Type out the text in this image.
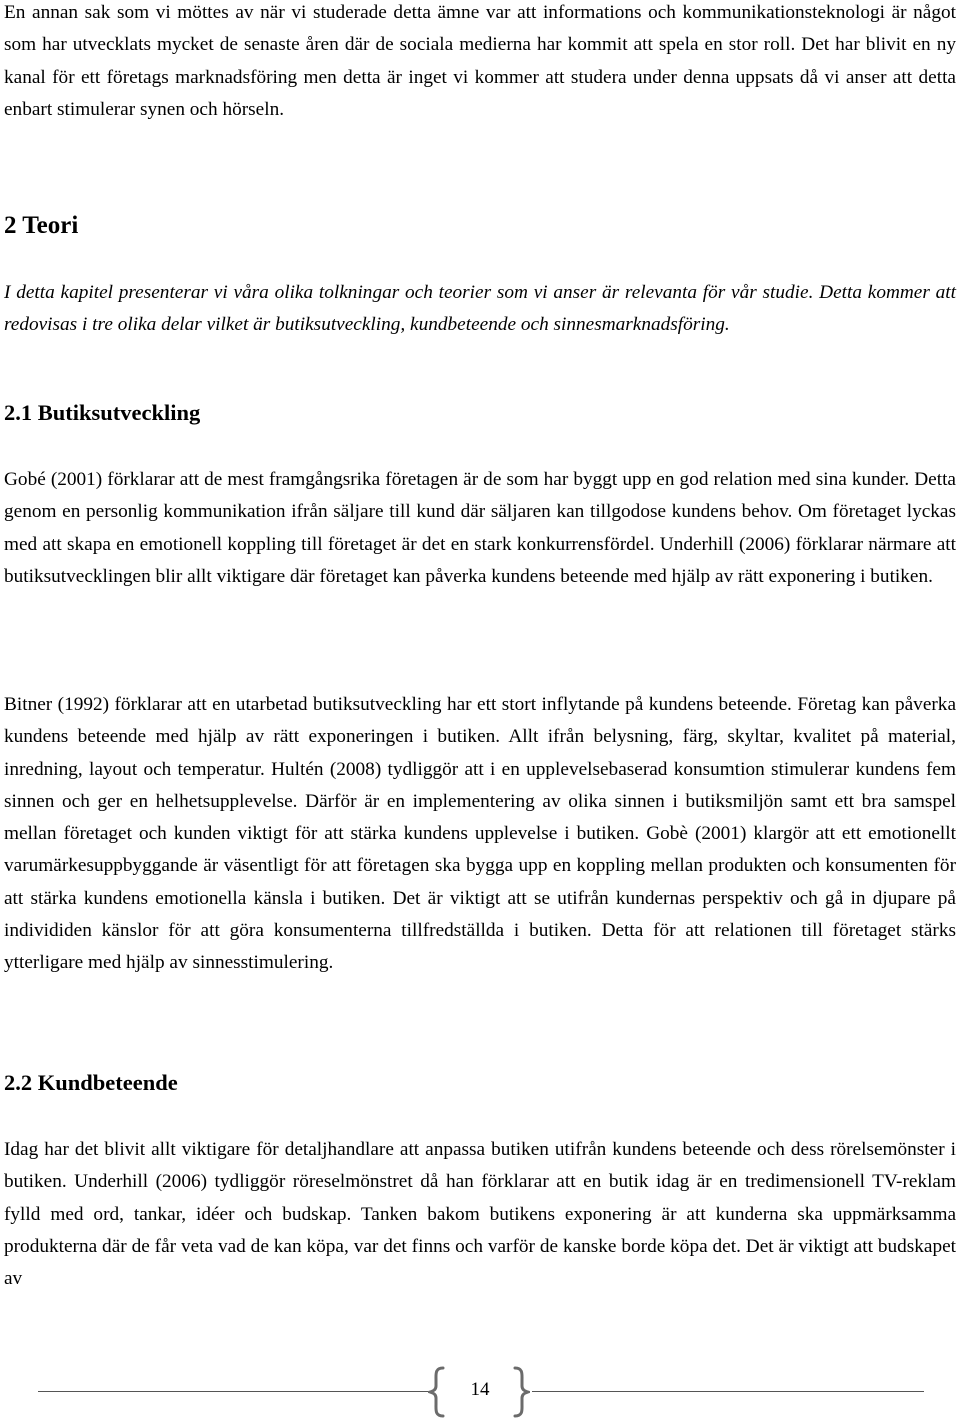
En annan sak som vi möttes av när vi studerade detta ämne var att informations och kommunikationsteknologi är något som har utvecklats mycket de senaste åren där de sociala medierna har kommit att spela en stor roll. Det har blivit en ny kanal för ett företags marknadsföring men detta är inget vi kommer att studera under denna uppsats då vi anser att detta enbart stimulerar synen och hörseln.

2 Teori

I detta kapitel presenterar vi våra olika tolkningar och teorier som vi anser är relevanta för vår studie. Detta kommer att redovisas i tre olika delar vilket är butiksutveckling, kundbeteende och sinnesmarknadsföring.

2.1 Butiksutveckling

Gobé (2001) förklarar att de mest framgångsrika företagen är de som har byggt upp en god relation med sina kunder. Detta genom en personlig kommunikation ifrån säljare till kund där säljaren kan tillgodose kundens behov. Om företaget lyckas med att skapa en emotionell koppling till företaget är det en stark konkurrensfördel. Underhill (2006) förklarar närmare att butiksutvecklingen blir allt viktigare där företaget kan påverka kundens beteende med hjälp av rätt exponering i butiken.

Bitner (1992) förklarar att en utarbetad butiksutveckling har ett stort inflytande på kundens beteende. Företag kan påverka kundens beteende med hjälp av rätt exponeringen i butiken. Allt ifrån belysning, färg, skyltar, kvalitet på material, inredning, layout och temperatur. Hultén (2008) tydliggör att i en upplevelsebaserad konsumtion stimulerar kundens fem sinnen och ger en helhetsupplevelse. Därför är en implementering av olika sinnen i butiksmiljön samt ett bra samspel mellan företaget och kunden viktigt för att stärka kundens upplevelse i butiken. Gobè (2001) klargör att ett emotionellt varumärkesuppbyggande är väsentligt för att företagen ska bygga upp en koppling mellan produkten och konsumenten för att stärka kundens emotionella känsla i butiken. Det är viktigt att se utifrån kundernas perspektiv och gå in djupare på individiden känslor för att göra konsumenterna tillfredställda i butiken. Detta för att relationen till företaget stärks ytterligare med hjälp av sinnesstimulering.

2.2 Kundbeteende

Idag har det blivit allt viktigare för detaljhandlare att anpassa butiken utifrån kundens beteende och dess rörelsemönster i butiken. Underhill (2006) tydliggör röreselmönstret då han förklarar att en butik idag är en tredimensionell TV-reklam fylld med ord, tankar, idéer och budskap. Tanken bakom butikens exponering är att kunderna ska uppmärksamma produkterna där de får veta vad de kan köpa, var det finns och varför de kanske borde köpa det. Det är viktigt att budskapet av

14
